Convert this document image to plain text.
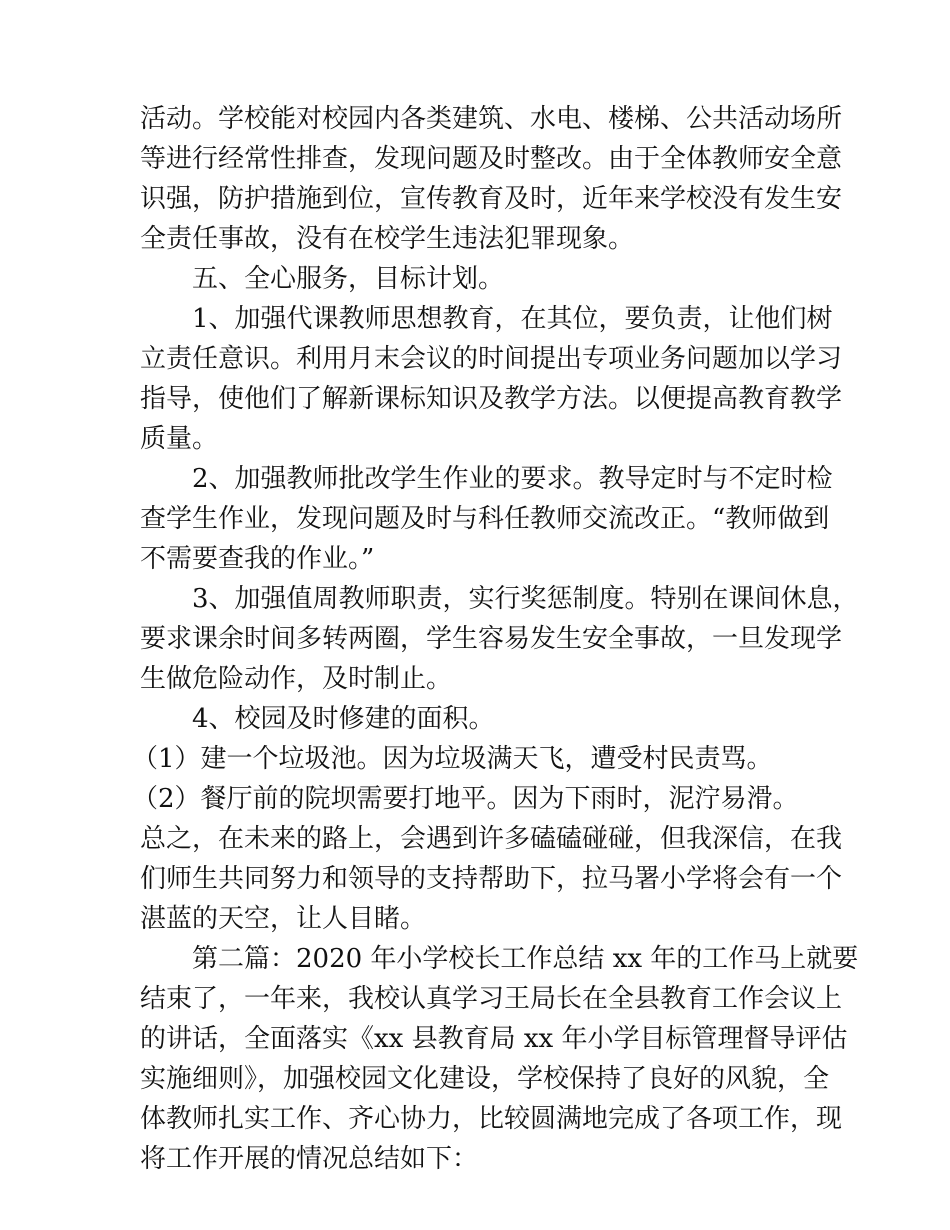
活动。学校能对校园内各类建筑、水电、楼梯、公共活动场所
等进行经常性排查，发现问题及时整改。由于全体教师安全意
识强，防护措施到位，宣传教育及时，近年来学校没有发生安
全责任事故，没有在校学生违法犯罪现象。
五、全心服务，目标计划。
1、加强代课教师思想教育，在其位，要负责，让他们树
立责任意识。利用月末会议的时间提出专项业务问题加以学习
指导，使他们了解新课标知识及教学方法。以便提高教育教学
质量。
2、加强教师批改学生作业的要求。教导定时与不定时检
查学生作业，发现问题及时与科任教师交流改正。“教师做到
不需要查我的作业。”
3、加强值周教师职责，实行奖惩制度。特别在课间休息，
要求课余时间多转两圈，学生容易发生安全事故，一旦发现学
生做危险动作，及时制止。
4、校园及时修建的面积。
（1）建一个垃圾池。因为垃圾满天飞，遭受村民责骂。
（2）餐厅前的院坝需要打地平。因为下雨时，泥泞易滑。
总之，在未来的路上，会遇到许多磕磕碰碰，但我深信，在我
们师生共同努力和领导的支持帮助下，拉马署小学将会有一个
湛蓝的天空，让人目睹。
第二篇：2020 年小学校长工作总结 xx 年的工作马上就要
结束了，一年来，我校认真学习王局长在全县教育工作会议上
的讲话，全面落实《xx 县教育局 xx 年小学目标管理督导评估
实施细则》，加强校园文化建设，学校保持了良好的风貌，全
体教师扎实工作、齐心协力，比较圆满地完成了各项工作，现
将工作开展的情况总结如下：
